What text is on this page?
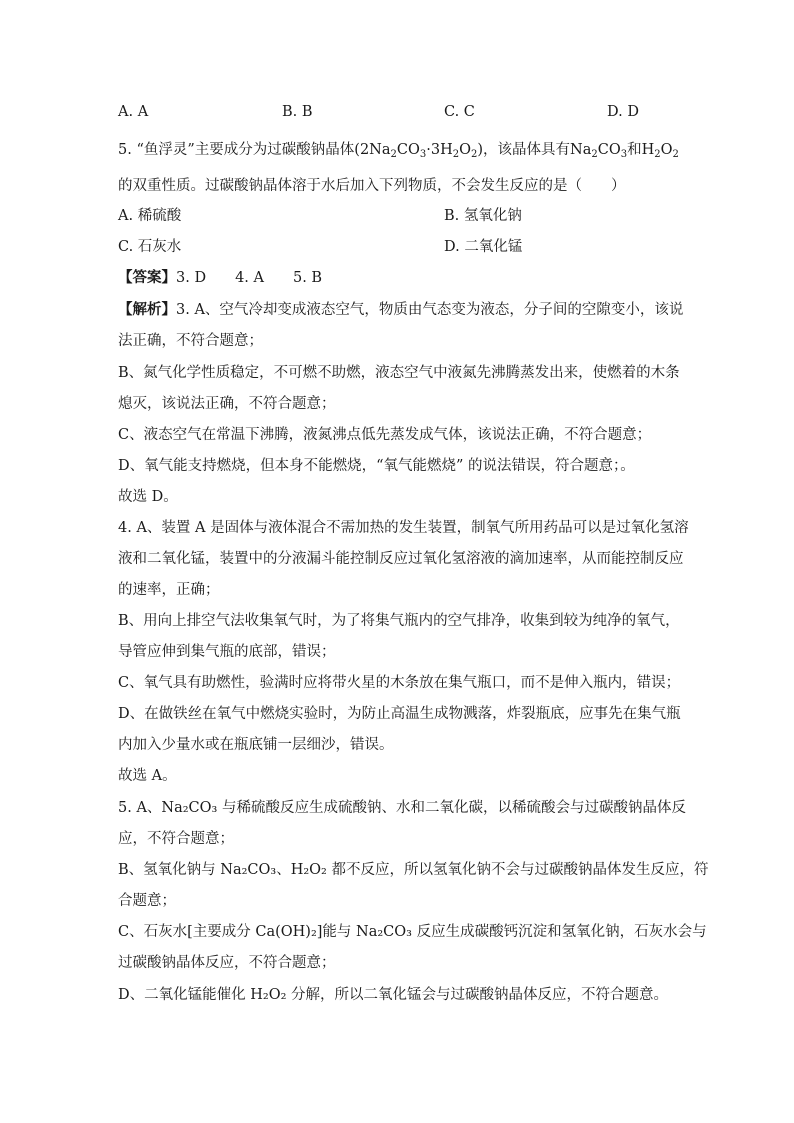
A. A	B. B	C. C	D. D
5. “鱼浮灵”主要成分为过碳酸钠晶体$(2Na_2CO_3\cdot 3H_2O_2)$，该晶体具有$Na_2CO_3$和$H_2O_2$
的双重性质。过碳酸钠晶体溶于水后加入下列物质，不会发生反应的是（　　）
A. 稀硫酸	B. 氢氧化钠
C. 石灰水	D. 二氧化锰
【答案】3. D　　4. A　　5. B
【解析】3. A、空气冷却变成液态空气，物质由气态变为液态，分子间的空隙变小，该说
法正确，不符合题意；
B、氮气化学性质稳定，不可燃不助燃，液态空气中液氮先沸腾蒸发出来，使燃着的木条
熄灭，该说法正确，不符合题意；
C、液态空气在常温下沸腾，液氮沸点低先蒸发成气体，该说法正确，不符合题意；
D、氧气能支持燃烧，但本身不能燃烧，“氧气能燃烧” 的说法错误，符合题意；。
故选 D。
4. A、装置 A 是固体与液体混合不需加热的发生装置，制氧气所用药品可以是过氧化氢溶
液和二氧化锰，装置中的分液漏斗能控制反应过氧化氢溶液的滴加速率，从而能控制反应
的速率，正确；
B、用向上排空气法收集氧气时，为了将集气瓶内的空气排净，收集到较为纯净的氧气，
导管应伸到集气瓶的底部，错误；
C、氧气具有助燃性，验满时应将带火星的木条放在集气瓶口，而不是伸入瓶内，错误；
D、在做铁丝在氧气中燃烧实验时，为防止高温生成物溅落，炸裂瓶底，应事先在集气瓶
内加入少量水或在瓶底铺一层细沙，错误。
故选 A。
5. A、Na₂CO₃ 与稀硫酸反应生成硫酸钠、水和二氧化碳，以稀硫酸会与过碳酸钠晶体反
应，不符合题意；
B、氢氧化钠与 Na₂CO₃、H₂O₂ 都不反应，所以氢氧化钠不会与过碳酸钠晶体发生反应，符
合题意；
C、石灰水[主要成分 Ca(OH)₂]能与 Na₂CO₃ 反应生成碳酸钙沉淀和氢氧化钠，石灰水会与
过碳酸钠晶体反应，不符合题意；
D、二氧化锰能催化 H₂O₂ 分解，所以二氧化锰会与过碳酸钠晶体反应，不符合题意。
